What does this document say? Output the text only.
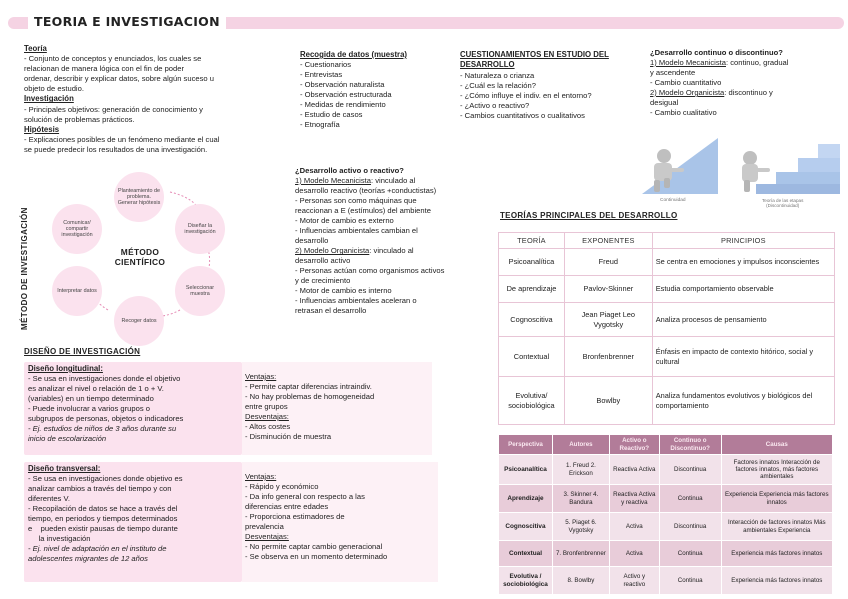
TEORIA E INVESTIGACION
Teoría
- Conjunto de conceptos y enunciados, los cuales se
relacionan de manera lógica con el fin de poder
ordenar, describir y explicar datos, sobre algún suceso u
objeto de estudio.
Investigación
- Principales objetivos: generación de conocimiento y
solución de problemas prácticos.
Hipótesis
- Explicaciones posibles de un fenómeno mediante el cual
se puede predecir los resultados de una investigación.
MÉTODO DE INVESTIGACIÓN
Planteamiento de problema. Generar hipótesis
Diseñar la investigación
Seleccionar muestra
Recoger datos
Interpretar datos
Comunicar/ compartir investigación
MÉTODO
CIENTÍFICO
Recogida de datos (muestra)
- Cuestionarios
- Entrevistas
- Observación naturalista
- Observación estructurada
- Medidas de rendimiento
- Estudio de casos
- Etnografía
CUESTIONAMIENTOS EN ESTUDIO DEL
DESARROLLO
- Naturaleza o crianza
- ¿Cuál es la relación?
- ¿Cómo influye el indiv. en el entorno?
- ¿Activo o reactivo?
- Cambios cuantitativos o cualitativos
¿Desarrollo continuo o discontinuo?
1) Modelo Mecanicista: continuo, gradual
y ascendente
- Cambio cuantitativo
2) Modelo Organicista: discontinuo y
desigual
- Cambio cualitativo
Continuidad	Teoría de las etapas
(Discontinuidad)
¿Desarrollo activo o reactivo?
1) Modelo Mecanicista: vinculado al
desarrollo reactivo (teorías +conductistas)
- Personas son como máquinas que
reaccionan a E (estímulos) del ambiente
- Motor de cambio es externo
- Influencias ambientales cambian el
desarrollo
2) Modelo Organicista: vinculado al
desarrollo activo
- Personas actúan como organismos activos
y de crecimiento
- Motor de cambio es interno
- Influencias ambientales aceleran o
retrasan el desarrollo
TEORÍAS PRINCIPALES DEL DESARROLLO
TEORÍA	EXPONENTES	PRINCIPIOS
Psicoanalítica	Freud	Se centra en emociones y impulsos inconscientes
De aprendizaje	Pavlov-Skinner	Estudia comportamiento observable
Cognoscitiva	Jean Piaget Leo Vygotsky	Analiza procesos de pensamiento
Contextual	Bronfenbrenner	Énfasis en impacto de contexto hitórico, social y cultural
Evolutiva/ sociobiológica	Bowlby	Analiza fundamentos evolutivos y biológicos del comportamiento
Perspectiva	Autores	Activo o Reactivo?	Continuo o Discontinuo?	Causas
Psicoanalítica	1. Freud 2. Erickson	Reactiva Activa	Discontinua	Factores innatos Interacción de factores innatos, más factores ambientales
Aprendizaje	3. Skinner 4. Bandura	Reactiva Activa y reactiva	Continua	Experiencia Experiencia más factores innatos
Cognoscitiva	5. Piaget 6. Vygotsky	Activa	Discontinua	Interacción de factores innatos Más ambientales Experiencia
Contextual	7. Bronfenbrenner	Activa	Continua	Experiencia más factores innatos
Evolutiva / sociobiológica	8. Bowlby	Activo y reactivo	Continua	Experiencia más factores innatos
DISEÑO DE INVESTIGACIÓN
Diseño longitudinal:
- Se usa en investigaciones donde el objetivo
es analizar el nivel o relación de 1 o + V.
(variables) en un tiempo determinado
- Puede involucrar a varios grupos o
subgrupos de personas, objetos o indicadores
- Ej. estudios de niños de 3 años durante su
inicio de escolarización
Ventajas:
- Permite captar diferencias intraindiv.
- No hay problemas de homogeneidad
entre grupos
Desventajas:
- Altos costes
- Disminución de muestra
Diseño transversal:
- Se usa en investigaciones donde objetivo es
analizar cambios a través del tiempo y con
diferentes V.
- Recopilación de datos se hace a través del
tiempo, en periodos y tiempos determinados
e    pueden existir pausas de tiempo durante
la investigación
- Ej. nivel de adaptación en el instituto de
adolescentes migrantes de 12 años
Ventajas:
- Rápido y económico
- Da info general con respecto a las
diferencias entre edades
- Proporciona estimadores de
prevalencia
Desventajas:
- No permite captar cambio generacional
- Se observa en un momento determinado
